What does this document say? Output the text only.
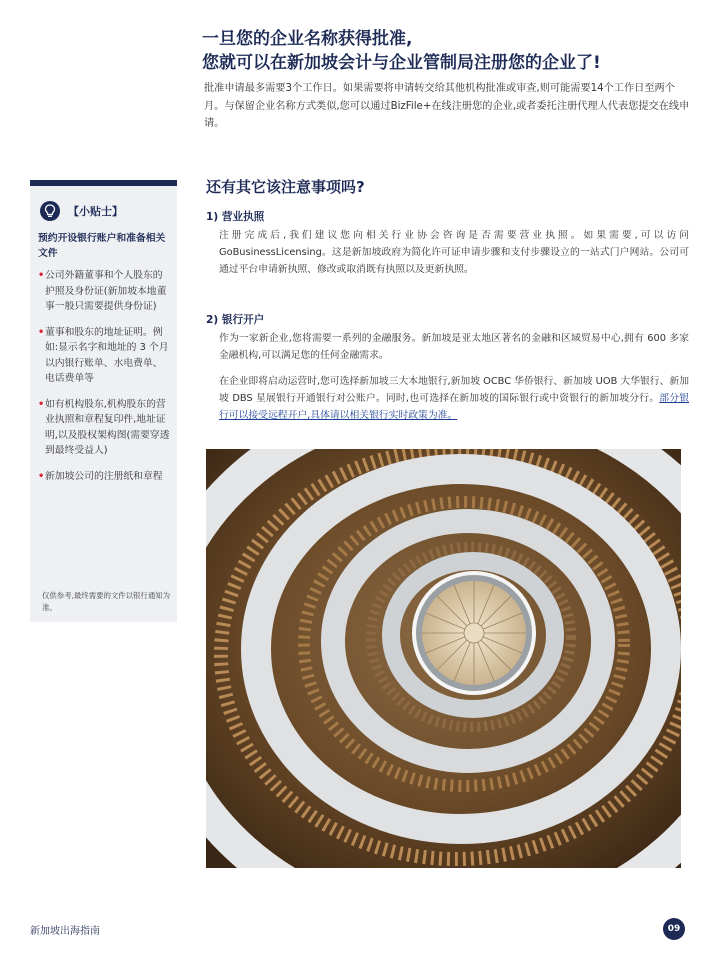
一旦您的企业名称获得批准,
您就可以在新加坡会计与企业管制局注册您的企业了!

批准申请最多需要3个工作日。如果需要将申请转交给其他机构批准或审查,则可能需要14个工作日至两个月。与保留企业名称方式类似,您可以通过BizFile+在线注册您的企业,或者委托注册代理人代表您提交在线申请。

【小贴士】

预约开设银行账户和准备相关文件

• 公司外籍董事和个人股东的护照及身份证(新加坡本地董事一般只需要提供身份证)
• 董事和股东的地址证明。例如:显示名字和地址的 3 个月以内银行账单、水电费单、电话费单等
• 如有机构股东,机构股东的营业执照和章程复印件,地址证明,以及股权架构图(需要穿透到最终受益人)
• 新加坡公司的注册纸和章程

仅供参考,最终需要的文件以银行通知为准。

还有其它该注意事项吗?
1) 营业执照

注册完成后,我们建议您向相关行业协会咨询是否需要营业执照。如果需要,可以访问GoBusinessLicensing。这是新加坡政府为简化许可证申请步骤和支付步骤设立的一站式门户网站。公司可通过平台申请新执照、修改或取消既有执照以及更新执照。

2) 银行开户

作为一家新企业,您将需要一系列的金融服务。新加坡是亚太地区著名的金融和区域贸易中心,拥有 600 多家金融机构,可以满足您的任何金融需求。

在企业即将启动运营时,您可选择新加坡三大本地银行,新加坡 OCBC 华侨银行、新加坡 UOB 大华银行、新加坡 DBS 星展银行开通银行对公账户。同时,也可选择在新加坡的国际银行或中资银行的新加坡分行。部分银行可以接受远程开户,具体请以相关银行实时政策为准。

新加坡出海指南	09
